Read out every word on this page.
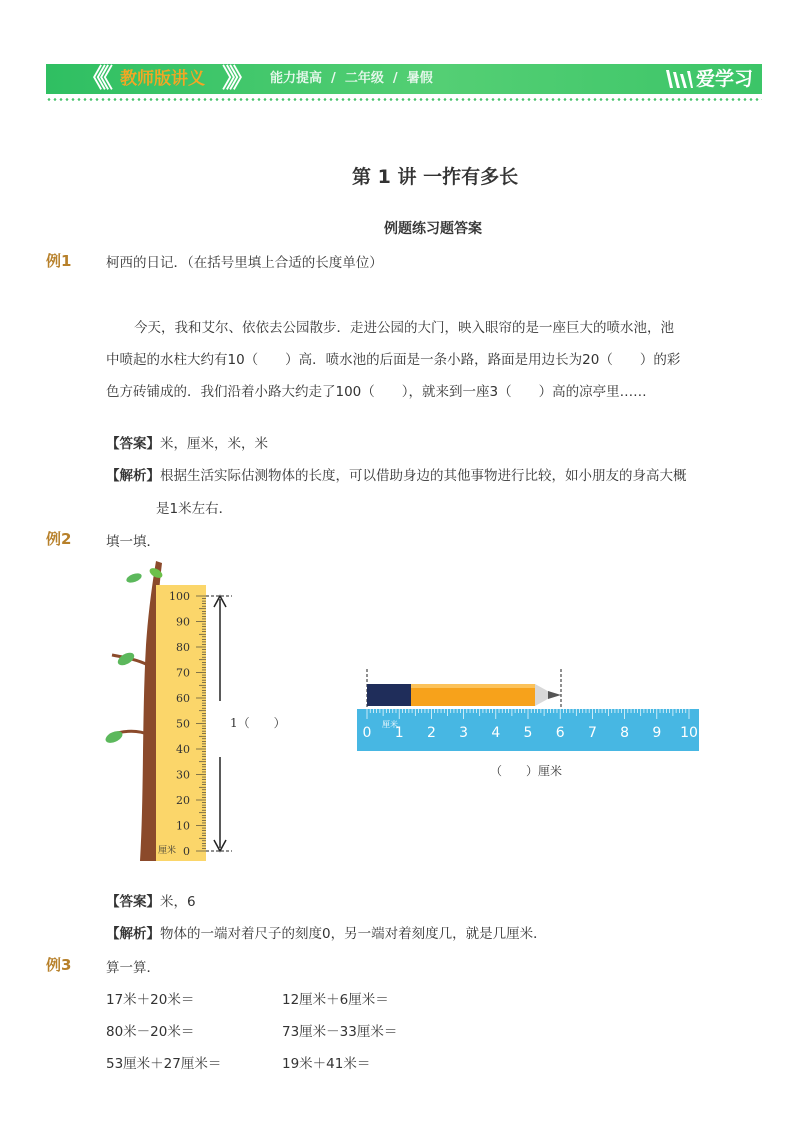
《《 教师版讲义 》》 能力提高  /  二年级  /  暑假	爱学习
第 1 讲 一拃有多长
例题练习题答案
例1	柯西的日记．（在括号里填上合适的长度单位）
今天，我和艾尔、依依去公园散步．走进公园的大门，映入眼帘的是一座巨大的喷水池，池
中喷起的水柱大约有10（　　）高．喷水池的后面是一条小路，路面是用边长为20（　　）的彩
色方砖铺成的．我们沿着小路大约走了100（　　），就来到一座3（　　）高的凉亭里……
【答案】米，厘米，米，米
【解析】根据生活实际估测物体的长度，可以借助身边的其他事物进行比较，如小朋友的身高大概
是1米左右．
例2	填一填．
100
90
80
70
60
50
40
30
20
10
0
厘米
1（　　）
0 1 2 3 4 5 6 7 8 9 10
厘米
（　　）厘米
【答案】米，6
【解析】物体的一端对着尺子的刻度0，另一端对着刻度几，就是几厘米．
例3	算一算．
17米＋20米＝	12厘米＋6厘米＝
80米－20米＝	73厘米－33厘米＝
53厘米＋27厘米＝	19米＋41米＝
